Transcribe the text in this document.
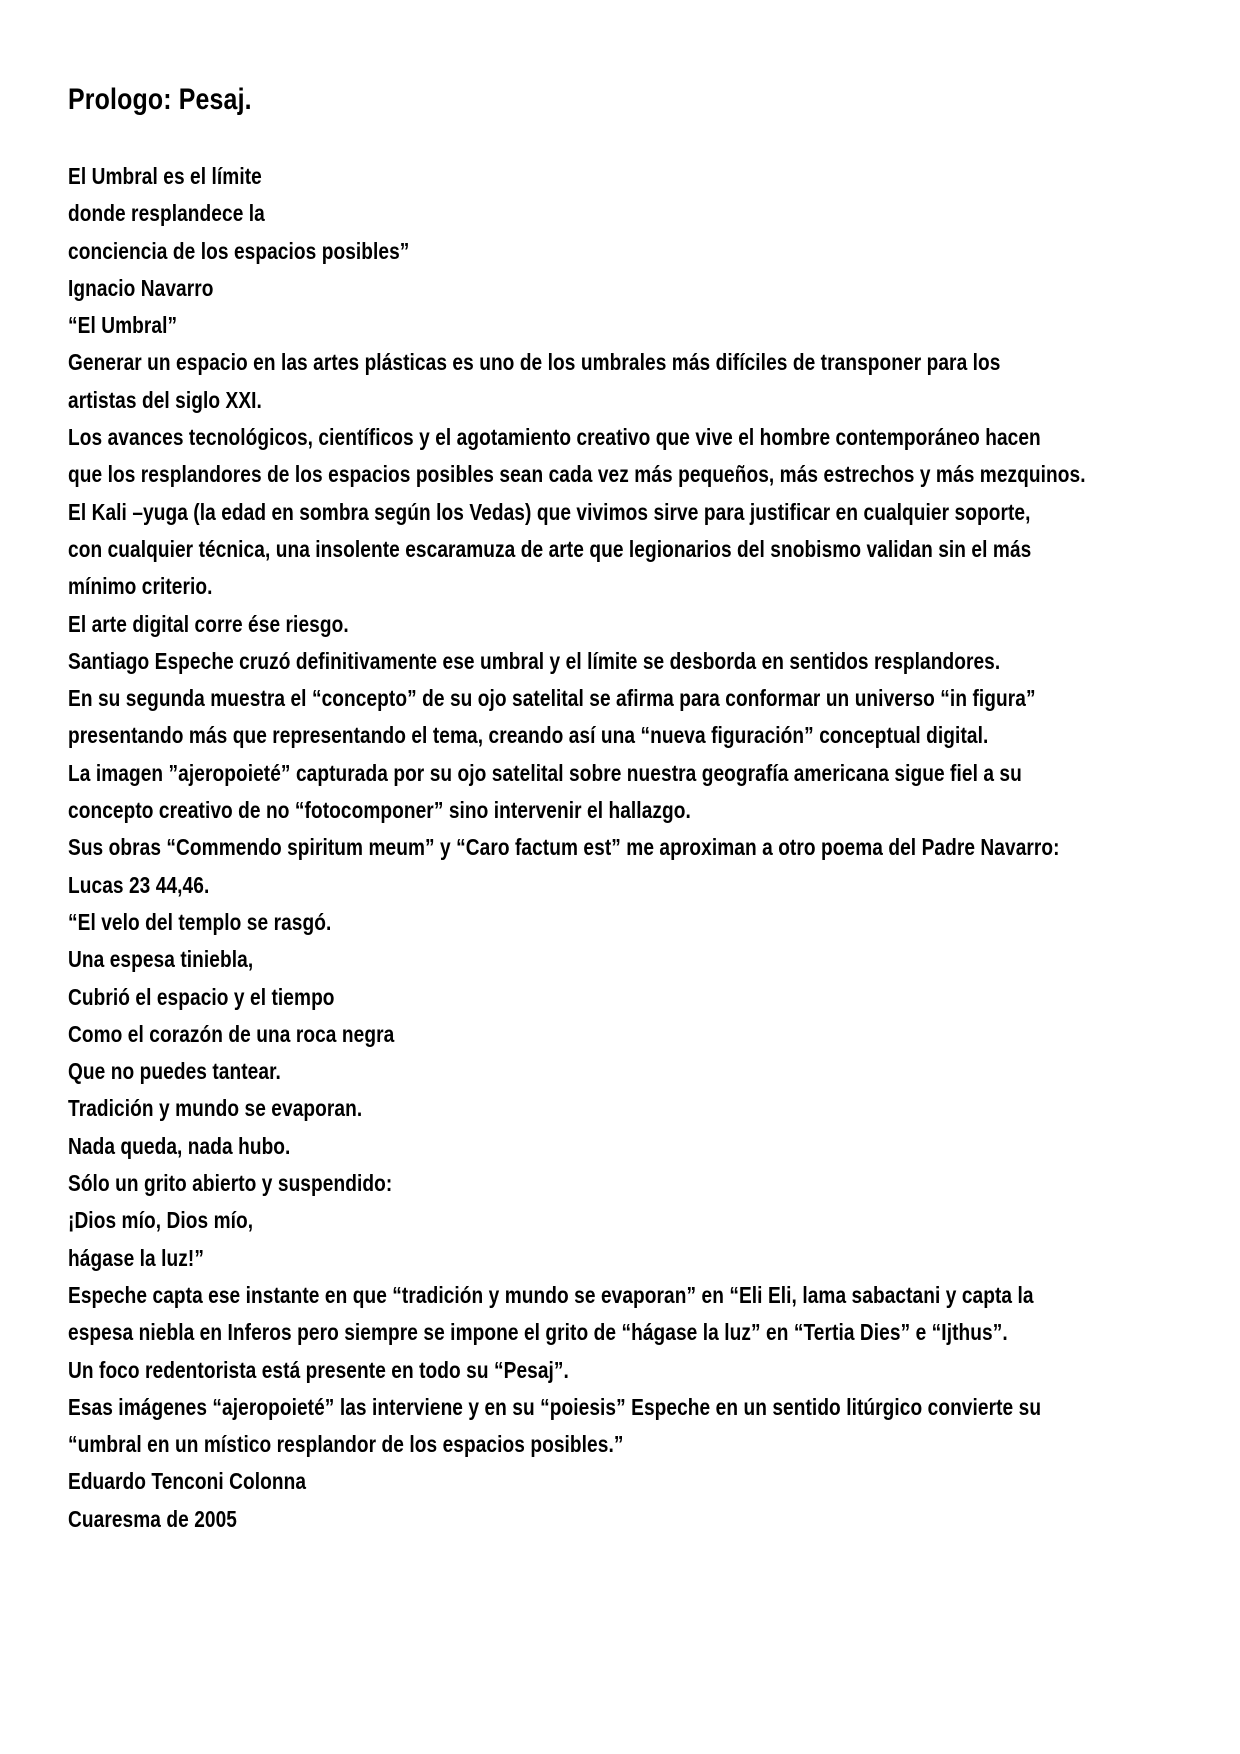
Prologo: Pesaj.
El Umbral es el límite
donde resplandece la
conciencia de los espacios posibles”
Ignacio Navarro
“El Umbral”
Generar un espacio en las artes plásticas es uno de los umbrales más difíciles de transponer para los
artistas del siglo XXI.
Los avances tecnológicos, científicos y el agotamiento creativo que vive el hombre contemporáneo hacen
que los resplandores de los espacios posibles sean cada vez más pequeños, más estrechos y más mezquinos.
El Kali –yuga (la edad en sombra según los Vedas) que vivimos sirve para justificar en cualquier soporte,
con cualquier técnica, una insolente escaramuza de arte que legionarios del snobismo validan sin el más
mínimo criterio.
El arte digital corre ése riesgo.
Santiago Espeche cruzó definitivamente ese umbral y el límite se desborda en sentidos resplandores.
En su segunda muestra el “concepto” de su ojo satelital se afirma para conformar un universo “in figura”
presentando más que representando el tema, creando así una “nueva figuración” conceptual digital.
La imagen ”ajeropoieté” capturada por su ojo satelital sobre nuestra geografía americana sigue fiel a su
concepto creativo de no “fotocomponer” sino intervenir el hallazgo.
Sus obras “Commendo spiritum meum” y “Caro factum est” me aproximan a otro poema del Padre Navarro:
Lucas 23 44,46.
“El velo del templo se rasgó.
Una espesa tiniebla,
Cubrió el espacio y el tiempo
Como el corazón de una roca negra
Que no puedes tantear.
Tradición y mundo se evaporan.
Nada queda, nada hubo.
Sólo un grito abierto y suspendido:
¡Dios mío, Dios mío,
hágase la luz!”
Espeche capta ese instante en que “tradición y mundo se evaporan” en “Eli Eli, lama sabactani y capta la
espesa niebla en Inferos pero siempre se impone el grito de “hágase la luz” en “Tertia Dies” e “Ijthus”.
Un foco redentorista está presente en todo su “Pesaj”.
Esas imágenes “ajeropoieté” las interviene y en su “poiesis” Espeche en un sentido litúrgico convierte su
“umbral en un místico resplandor de los espacios posibles.”
Eduardo Tenconi Colonna
Cuaresma de 2005
